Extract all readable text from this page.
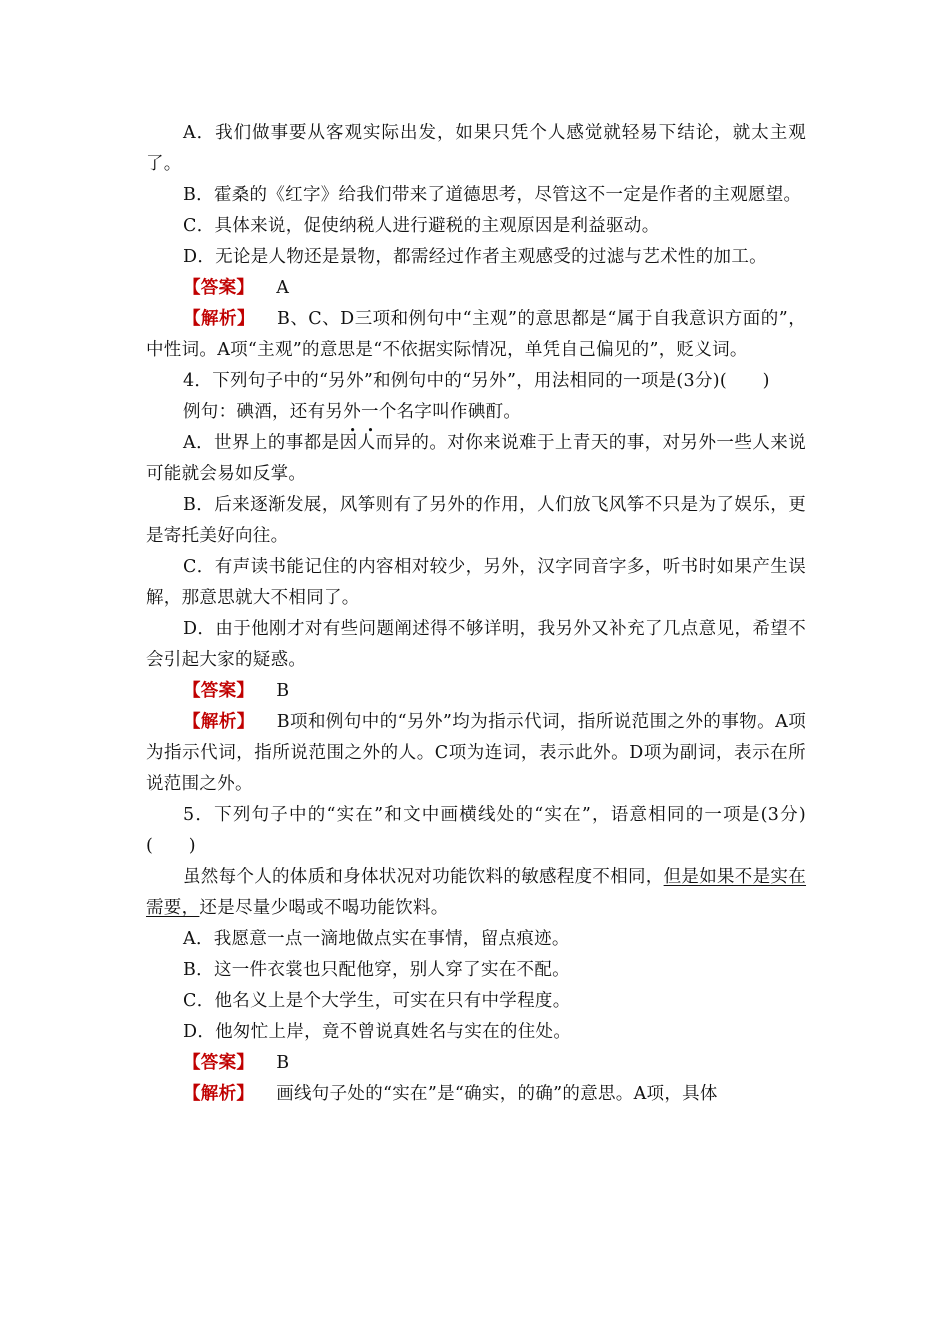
A．我们做事要从客观实际出发，如果只凭个人感觉就轻易下结论，就太主观了。

B．霍桑的《红字》给我们带来了道德思考，尽管这不一定是作者的主观愿望。

C．具体来说，促使纳税人进行避税的主观原因是利益驱动。

D．无论是人物还是景物，都需经过作者主观感受的过滤与艺术性的加工。

【答案】 A

【解析】 B、C、D三项和例句中“主观”的意思都是“属于自我意识方面的”，中性词。A项“主观”的意思是“不依据实际情况，单凭自己偏见的”，贬义词。

4．下列句子中的“另外”和例句中的“另外”，用法相同的一项是(3分)(　　)

例句：碘酒，还有另外一个名字叫作碘酊。

A．世界上的事都是因人而异的。对你来说难于上青天的事，对另外一些人来说可能就会易如反掌。

B．后来逐渐发展，风筝则有了另外的作用，人们放飞风筝不只是为了娱乐，更是寄托美好向往。

C．有声读书能记住的内容相对较少，另外，汉字同音字多，听书时如果产生误解，那意思就大不相同了。

D．由于他刚才对有些问题阐述得不够详明，我另外又补充了几点意见，希望不会引起大家的疑惑。

【答案】 B

【解析】 B项和例句中的“另外”均为指示代词，指所说范围之外的事物。A项为指示代词，指所说范围之外的人。C项为连词，表示此外。D项为副词，表示在所说范围之外。

5．下列句子中的“实在”和文中画横线处的“实在”，语意相同的一项是(3分)(　　)

虽然每个人的体质和身体状况对功能饮料的敏感程度不相同，但是如果不是实在需要，还是尽量少喝或不喝功能饮料。

A．我愿意一点一滴地做点实在事情，留点痕迹。

B．这一件衣裳也只配他穿，别人穿了实在不配。

C．他名义上是个大学生，可实在只有中学程度。

D．他匆忙上岸，竟不曾说真姓名与实在的住处。

【答案】 B

【解析】 画线句子处的“实在”是“确实，的确”的意思。A项，具体
